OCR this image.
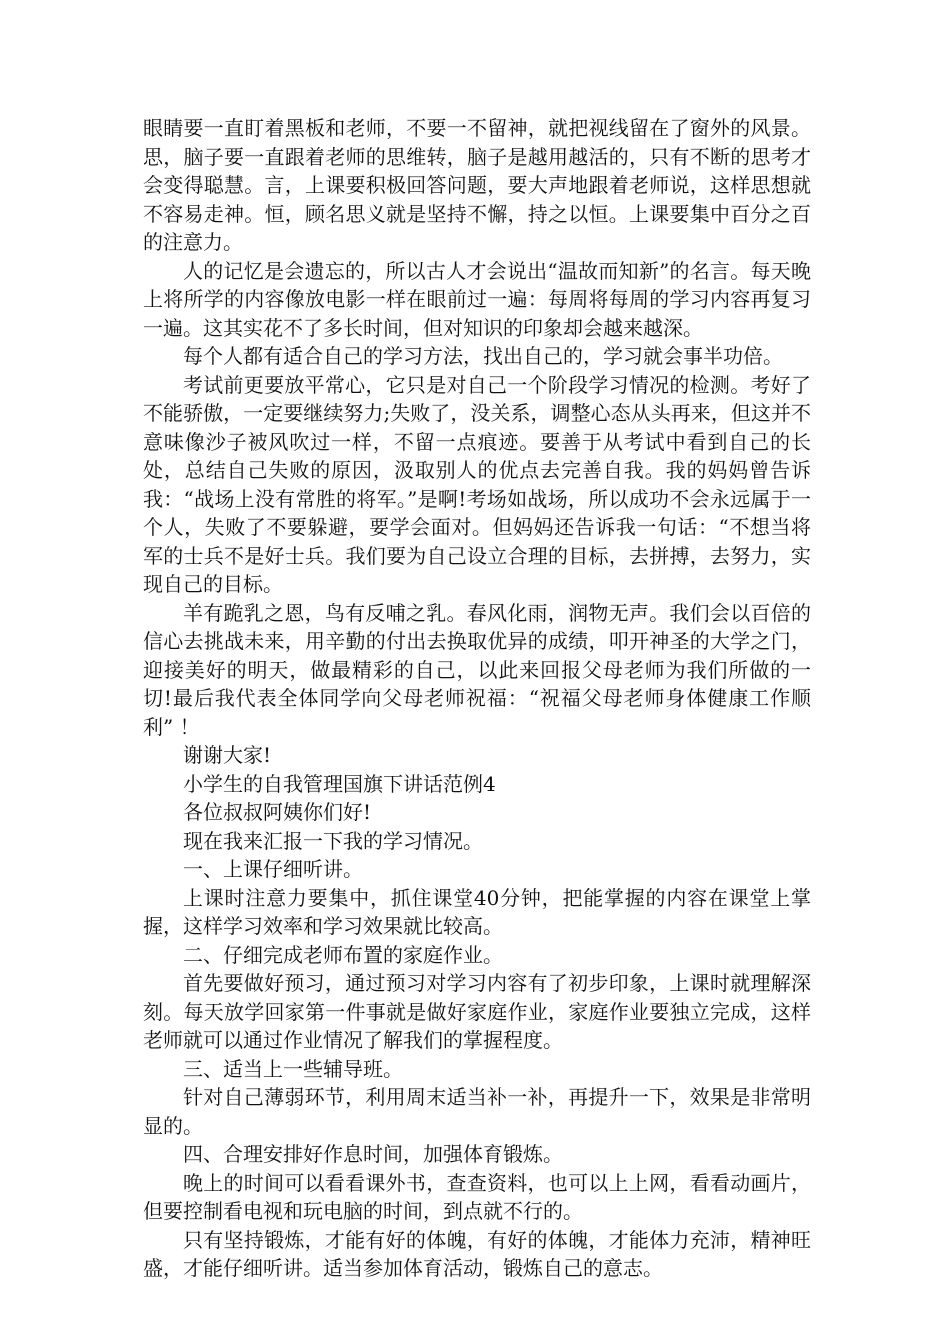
眼睛要一直盯着黑板和老师，不要一不留神，就把视线留在了窗外的风景。思，脑子要一直跟着老师的思维转，脑子是越用越活的，只有不断的思考才会变得聪慧。言，上课要积极回答问题，要大声地跟着老师说，这样思想就不容易走神。恒，顾名思义就是坚持不懈，持之以恒。上课要集中百分之百的注意力。

人的记忆是会遗忘的，所以古人才会说出“温故而知新”的名言。每天晚上将所学的内容像放电影一样在眼前过一遍：每周将每周的学习内容再复习一遍。这其实花不了多长时间，但对知识的印象却会越来越深。

每个人都有适合自己的学习方法，找出自己的，学习就会事半功倍。

考试前更要放平常心，它只是对自己一个阶段学习情况的检测。考好了不能骄傲，一定要继续努力;失败了，没关系，调整心态从头再来，但这并不意味像沙子被风吹过一样，不留一点痕迹。要善于从考试中看到自己的长处，总结自己失败的原因，汲取别人的优点去完善自我。我的妈妈曾告诉我：“战场上没有常胜的将军。”是啊!考场如战场，所以成功不会永远属于一个人，失败了不要躲避，要学会面对。但妈妈还告诉我一句话：“不想当将军的士兵不是好士兵。我们要为自己设立合理的目标，去拼搏，去努力，实现自己的目标。

羊有跪乳之恩，鸟有反哺之乳。春风化雨，润物无声。我们会以百倍的信心去挑战未来，用辛勤的付出去换取优异的成绩，叩开神圣的大学之门，迎接美好的明天，做最精彩的自己，以此来回报父母老师为我们所做的一切!最后我代表全体同学向父母老师祝福：“祝福父母老师身体健康工作顺利” ！

谢谢大家!

小学生的自我管理国旗下讲话范例4

各位叔叔阿姨你们好!

现在我来汇报一下我的学习情况。

一、上课仔细听讲。

上课时注意力要集中，抓住课堂40分钟，把能掌握的内容在课堂上掌握，这样学习效率和学习效果就比较高。

二、仔细完成老师布置的家庭作业。

首先要做好预习，通过预习对学习内容有了初步印象，上课时就理解深刻。每天放学回家第一件事就是做好家庭作业，家庭作业要独立完成，这样老师就可以通过作业情况了解我们的掌握程度。

三、适当上一些辅导班。

针对自己薄弱环节，利用周末适当补一补，再提升一下，效果是非常明显的。

四、合理安排好作息时间，加强体育锻炼。

晚上的时间可以看看课外书，查查资料，也可以上上网，看看动画片，但要控制看电视和玩电脑的时间，到点就不行的。

只有坚持锻炼，才能有好的体魄，有好的体魄，才能体力充沛，精神旺盛，才能仔细听讲。适当参加体育活动，锻炼自己的意志。
